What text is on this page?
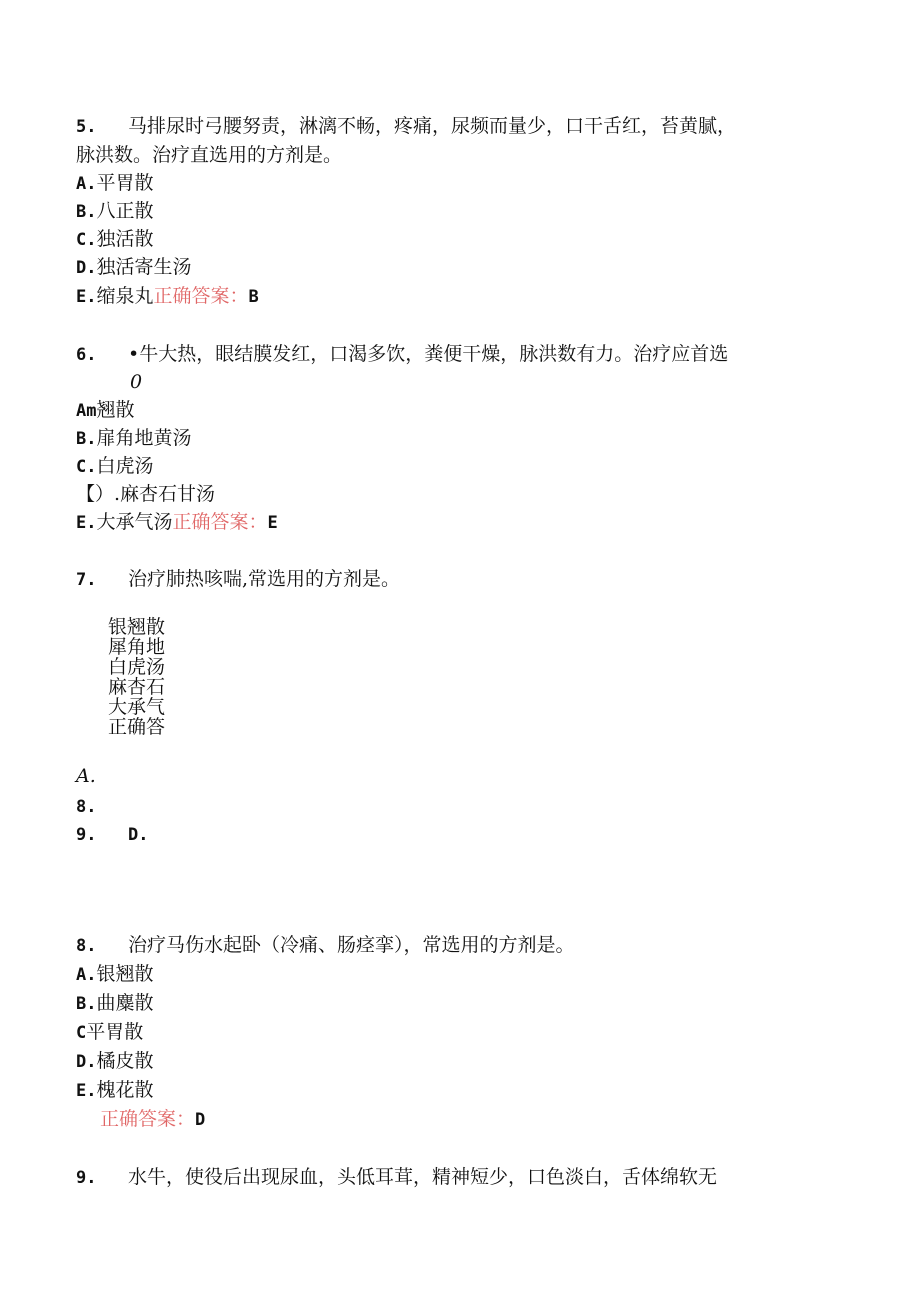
5. 马排尿时弓腰努责，淋漓不畅，疼痛，尿频而量少，口干舌红，苔黄腻，
脉洪数。治疗直选用的方剂是。
A.平胃散
B.八正散
C.独活散
D.独活寄生汤
E.缩泉丸正确答案：B
6. •牛大热，眼结膜发红，口渴多饮，粪便干燥，脉洪数有力。治疗应首选
0
Am翘散
B.扉角地黄汤
C.白虎汤
【）.麻杏石甘汤
E.大承气汤正确答案：E
7. 治疗肺热咳喘,常选用的方剂是。
银翘散
犀角地
白虎汤
麻杏石
大承气
正确答
A.
8.
9. D.
8. 治疗马伤水起卧（冷痛、肠痉挛），常选用的方剂是。
A.银翘散
B.曲麋散
C平胃散
D.橘皮散
E.槐花散
正确答案：D
9. 水牛，使役后出现尿血，头低耳茸，精神短少，口色淡白，舌体绵软无
